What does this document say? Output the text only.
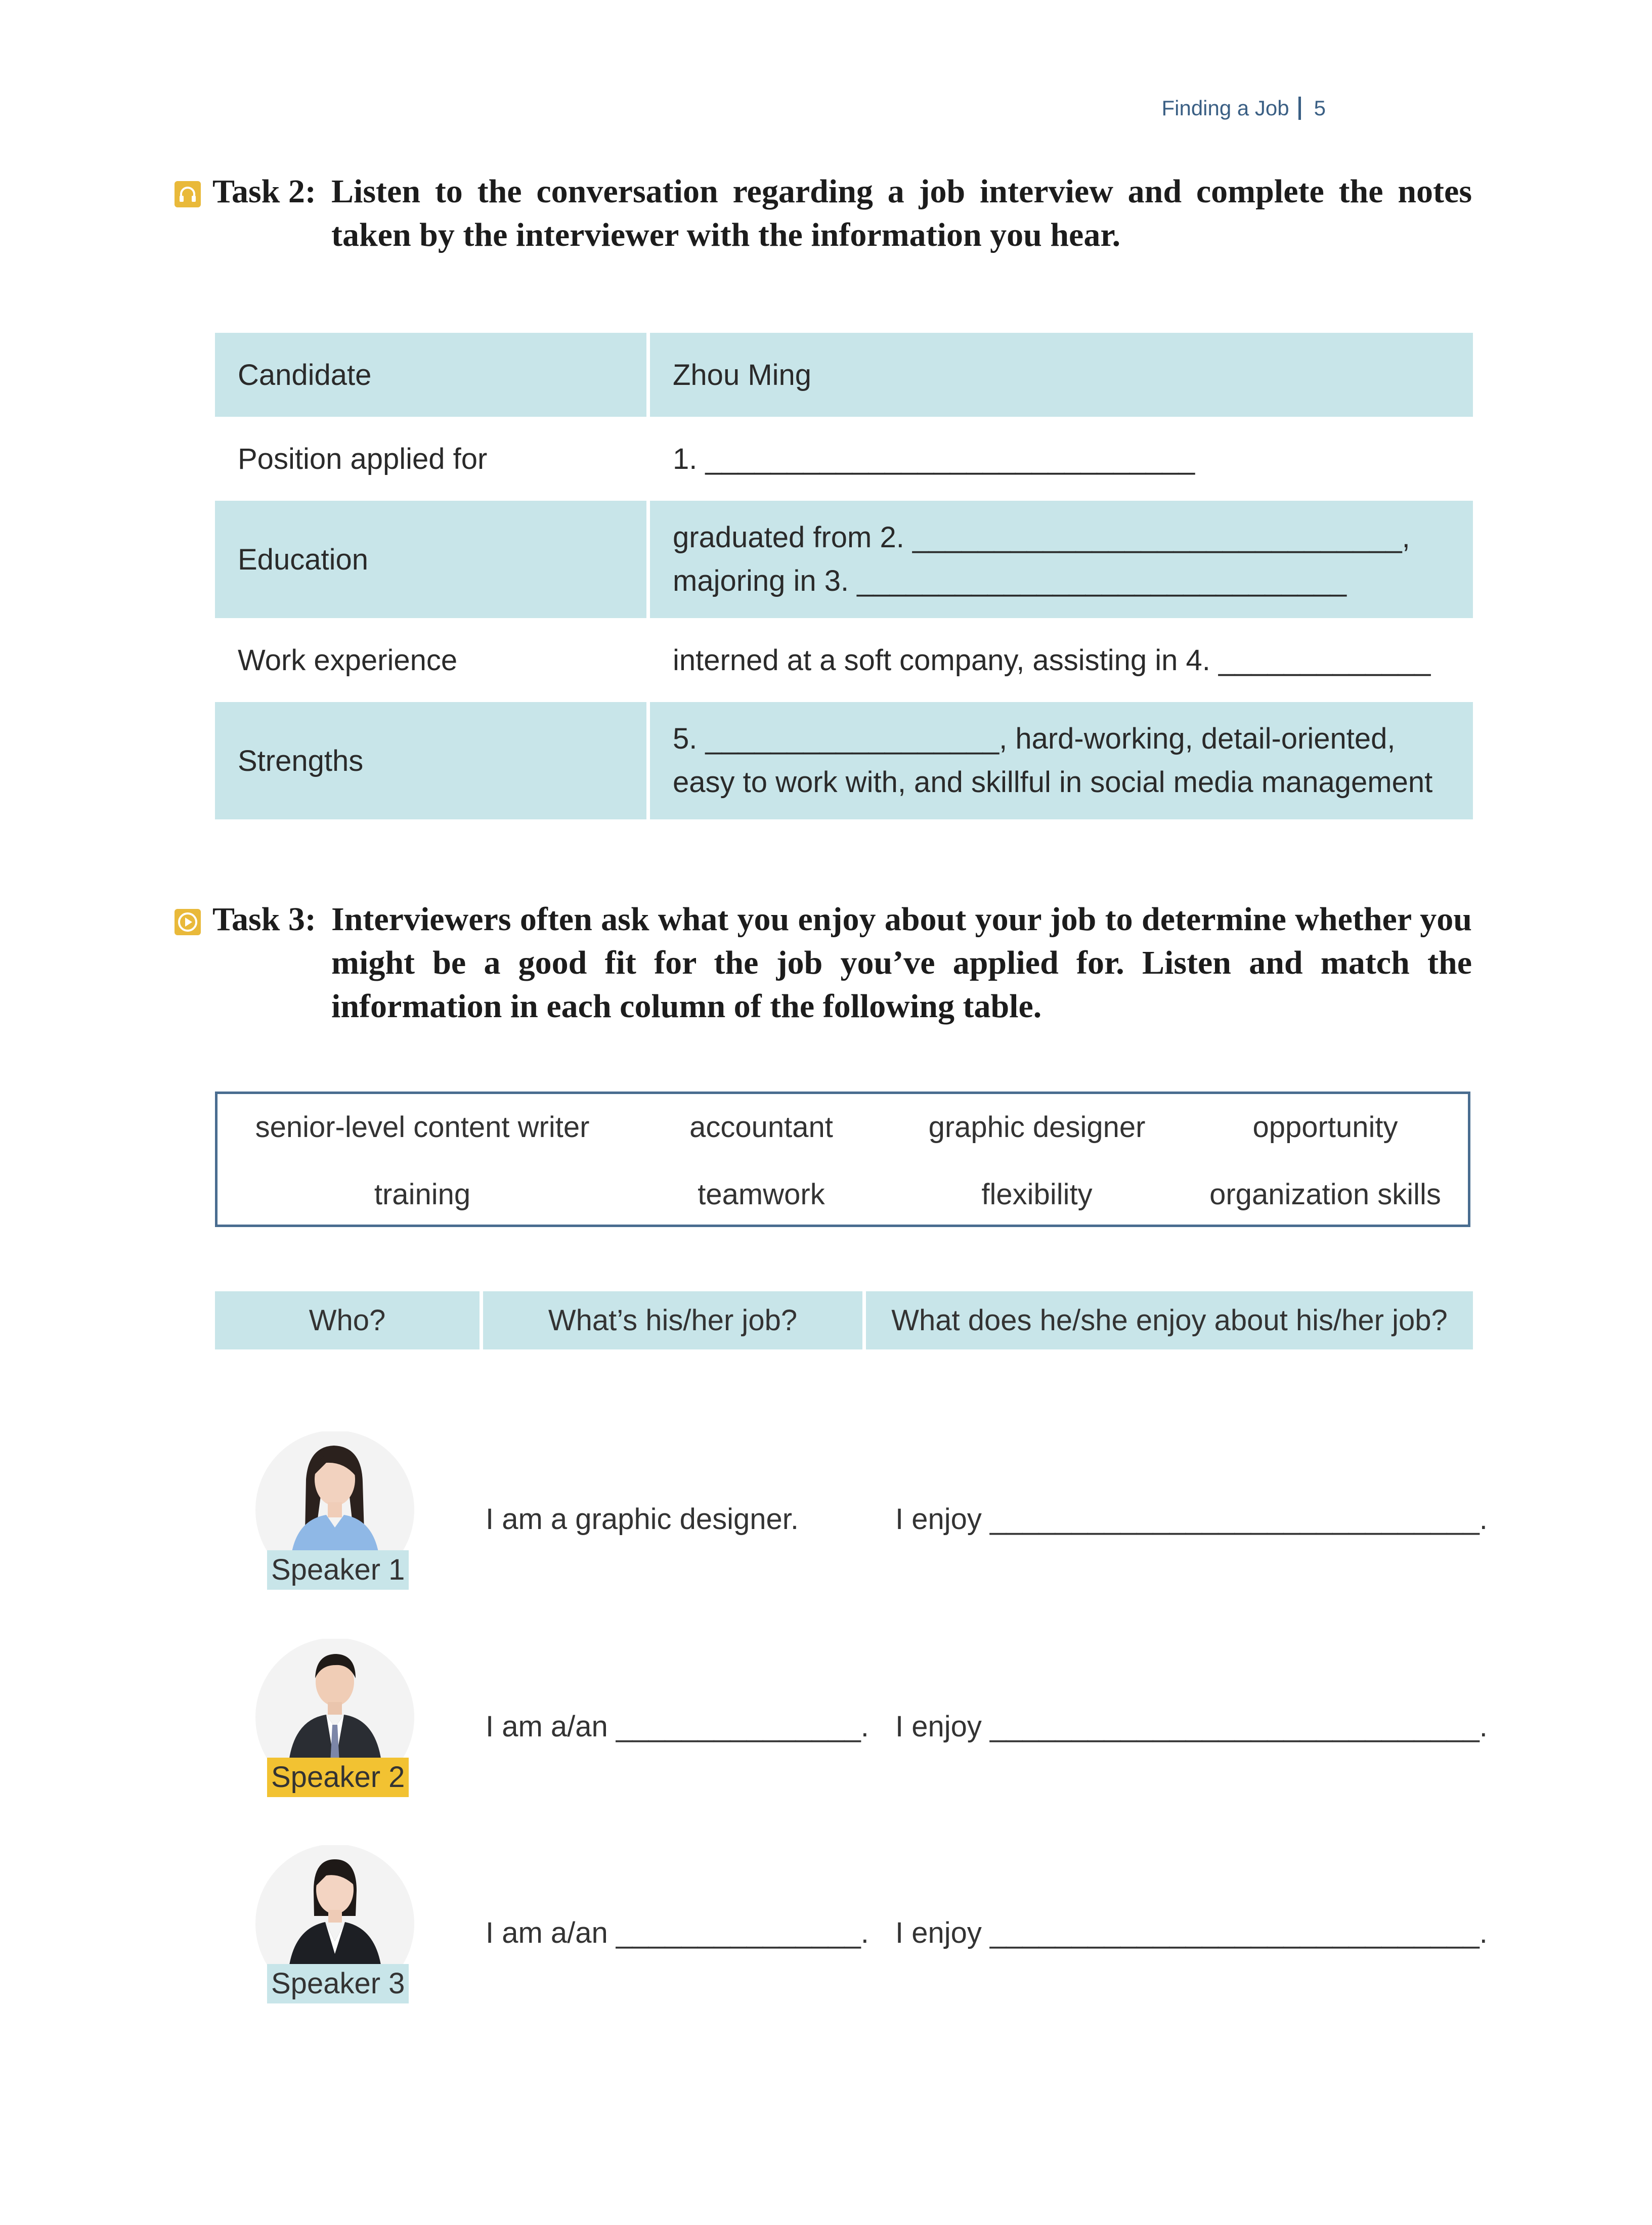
Finding a Job 5
Task 2: Listen to the conversation regarding a job interview and complete the notes taken by the interviewer with the information you hear.
Candidate	Zhou Ming
Position applied for	1. ______________________________
Education	graduated from 2. ______________________________,
majoring in 3. ______________________________

Work experience	interned at a soft company, assisting in 4. _____________
Strengths	5. __________________, hard-working, detail-oriented,
easy to work with, and skillful in social media management
Task 3: Interviewers often ask what you enjoy about your job to determine whether you might be a good fit for the job you’ve applied for. Listen and match the information in each column of the following table.
senior-level content writer	accountant	graphic designer	opportunity
training	teamwork	flexibility	organization skills
Who?	What’s his/her job?	What does he/she enjoy about his/her job?
Speaker 1
I am a graphic designer.	I enjoy ______________________________.
Speaker 2
I am a/an _______________. I enjoy ______________________________.
Speaker 3
I am a/an _______________. I enjoy ______________________________.
